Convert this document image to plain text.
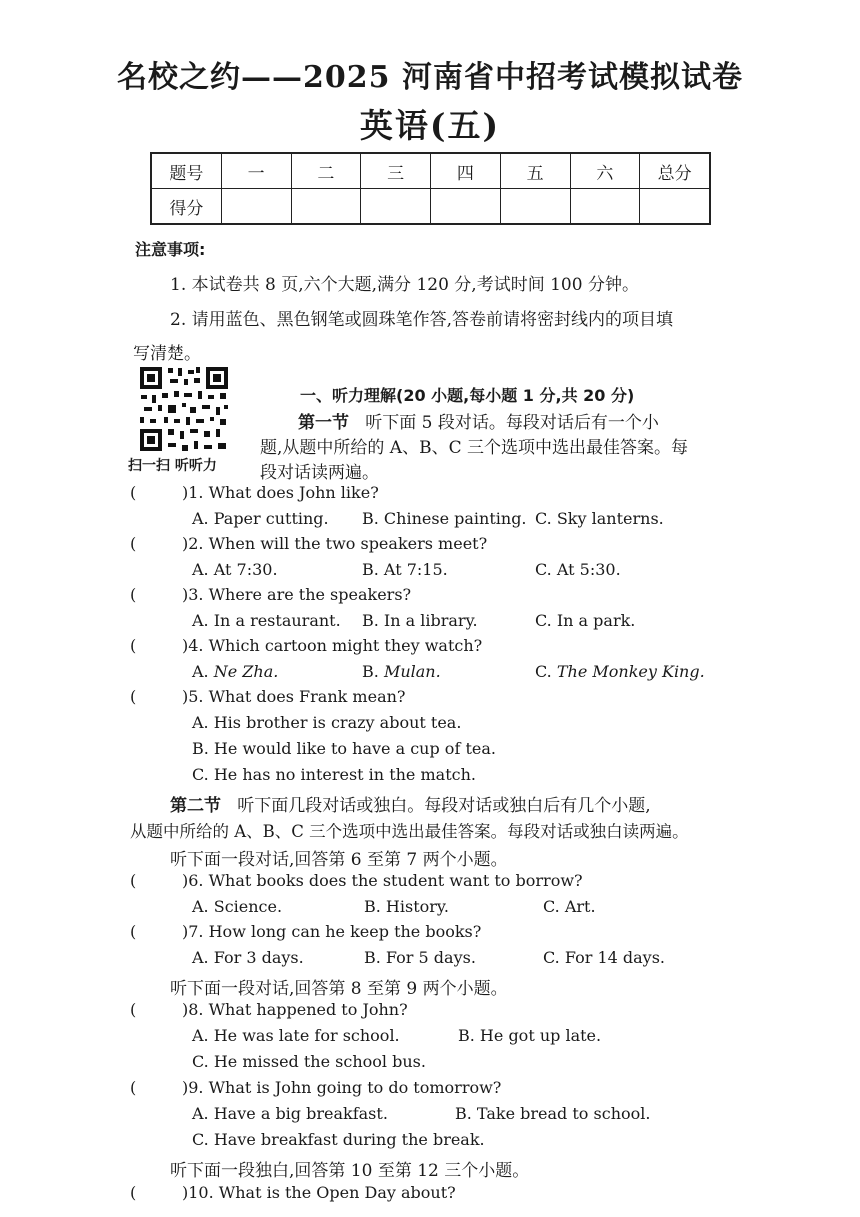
名校之约——2025 河南省中招考试模拟试卷
英语(五)
题号	一	二	三	四	五	六	总分
得分							
注意事项:
1. 本试卷共 8 页,六个大题,满分 120 分,考试时间 100 分钟。
2. 请用蓝色、黑色钢笔或圆珠笔作答,答卷前请将密封线内的项目填
写清楚。
扫一扫 听听力
一、听力理解(20 小题,每小题 1 分,共 20 分)
第一节 听下面 5 段对话。每段对话后有一个小
题,从题中所给的 A、B、C 三个选项中选出最佳答案。每
段对话读两遍。
(	)1. What does John like?
A. Paper cutting. B. Chinese painting. C. Sky lanterns.
(	)2. When will the two speakers meet?
A. At 7:30.	B. At 7:15.	C. At 5:30.
(	)3. Where are the speakers?
A. In a restaurant. B. In a library.	C. In a park.
(	)4. Which cartoon might they watch?
A. Ne Zha.	B. Mulan.	C. The Monkey King.
(	)5. What does Frank mean?
A. His brother is crazy about tea.
B. He would like to have a cup of tea.
C. He has no interest in the match.
第二节 听下面几段对话或独白。每段对话或独白后有几个小题,
从题中所给的 A、B、C 三个选项中选出最佳答案。每段对话或独白读两遍。
听下面一段对话,回答第 6 至第 7 两个小题。
(	)6. What books does the student want to borrow?
A. Science.	B. History.	C. Art.
(	)7. How long can he keep the books?
A. For 3 days.	B. For 5 days.	C. For 14 days.
听下面一段对话,回答第 8 至第 9 两个小题。
(	)8. What happened to John?
A. He was late for school.	B. He got up late.
C. He missed the school bus.
(	)9. What is John going to do tomorrow?
A. Have a big breakfast.	B. Take bread to school.
C. Have breakfast during the break.
听下面一段独白,回答第 10 至第 12 三个小题。
(	)10. What is the Open Day about?
